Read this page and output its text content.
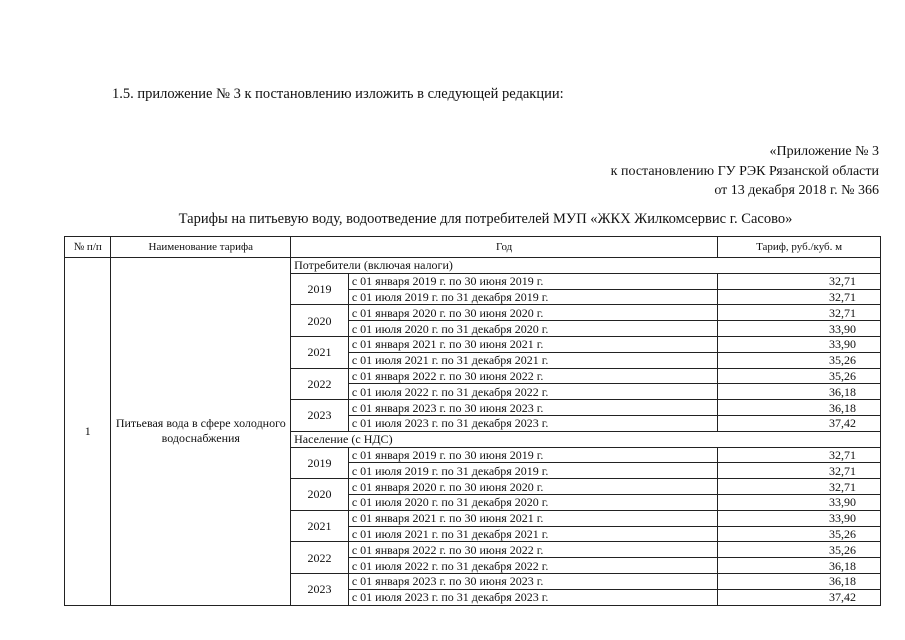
1.5. приложение № 3 к постановлению изложить в следующей редакции:
«Приложение № 3
к постановлению ГУ РЭК Рязанской области
от 13 декабря 2018 г. № 366
Тарифы на питьевую воду, водоотведение для потребителей МУП «ЖКХ Жилкомсервис г. Сасово»
№ п/п	Наименование тарифа	Год		Тариф, руб./куб. м
1	Питьевая вода в сфере холодного водоснабжения	Потребители (включая налоги)		
		2019	с 01 января 2019 г. по 30 июня 2019 г.	32,71
			с 01 июля 2019 г. по 31 декабря 2019 г.	32,71
		2020	с 01 января 2020 г. по 30 июня 2020 г.	32,71
			с 01 июля 2020 г. по 31 декабря 2020 г.	33,90
		2021	с 01 января 2021 г. по 30 июня 2021 г.	33,90
			с 01 июля 2021 г. по 31 декабря 2021 г.	35,26
		2022	с 01 января 2022 г. по 30 июня 2022 г.	35,26
			с 01 июля 2022 г. по 31 декабря 2022 г.	36,18
		2023	с 01 января 2023 г. по 30 июня 2023 г.	36,18
			с 01 июля 2023 г. по 31 декабря 2023 г.	37,42
		Население (с НДС)		
		2019	с 01 января 2019 г. по 30 июня 2019 г.	32,71
			с 01 июля 2019 г. по 31 декабря 2019 г.	32,71
		2020	с 01 января 2020 г. по 30 июня 2020 г.	32,71
			с 01 июля 2020 г. по 31 декабря 2020 г.	33,90
		2021	с 01 января 2021 г. по 30 июня 2021 г.	33,90
			с 01 июля 2021 г. по 31 декабря 2021 г.	35,26
		2022	с 01 января 2022 г. по 30 июня 2022 г.	35,26
			с 01 июля 2022 г. по 31 декабря 2022 г.	36,18
		2023	с 01 января 2023 г. по 30 июня 2023 г.	36,18
			с 01 июля 2023 г. по 31 декабря 2023 г.	37,42
